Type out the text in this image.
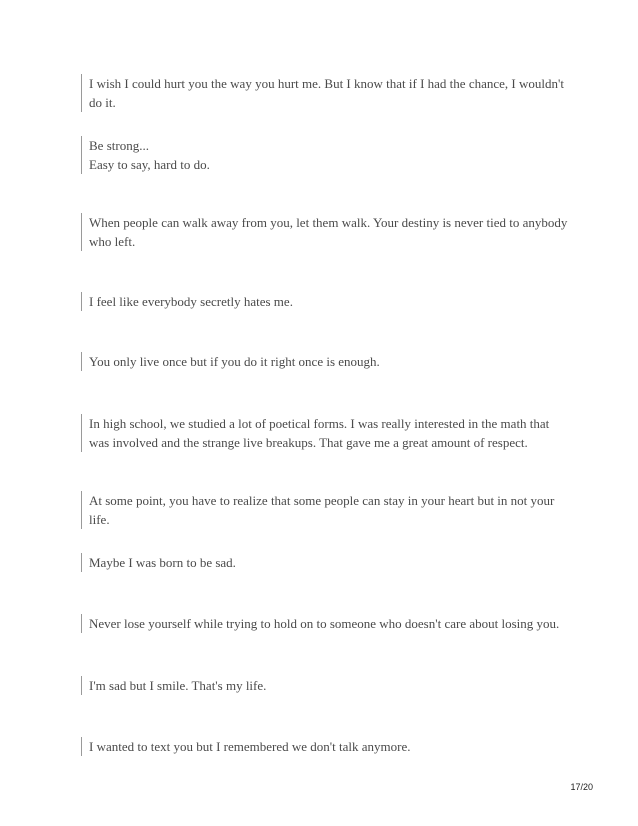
I wish I could hurt you the way you hurt me. But I know that if I had the chance, I wouldn't do it.

Be strong...

Easy to say, hard to do.

When people can walk away from you, let them walk. Your destiny is never tied to anybody who left.

I feel like everybody secretly hates me.

You only live once but if you do it right once is enough.

In high school, we studied a lot of poetical forms. I was really interested in the math that was involved and the strange live breakups. That gave me a great amount of respect.

At some point, you have to realize that some people can stay in your heart but in not your life.

Maybe I was born to be sad.

Never lose yourself while trying to hold on to someone who doesn't care about losing you.

I'm sad but I smile. That's my life.

I wanted to text you but I remembered we don't talk anymore.

17/20
